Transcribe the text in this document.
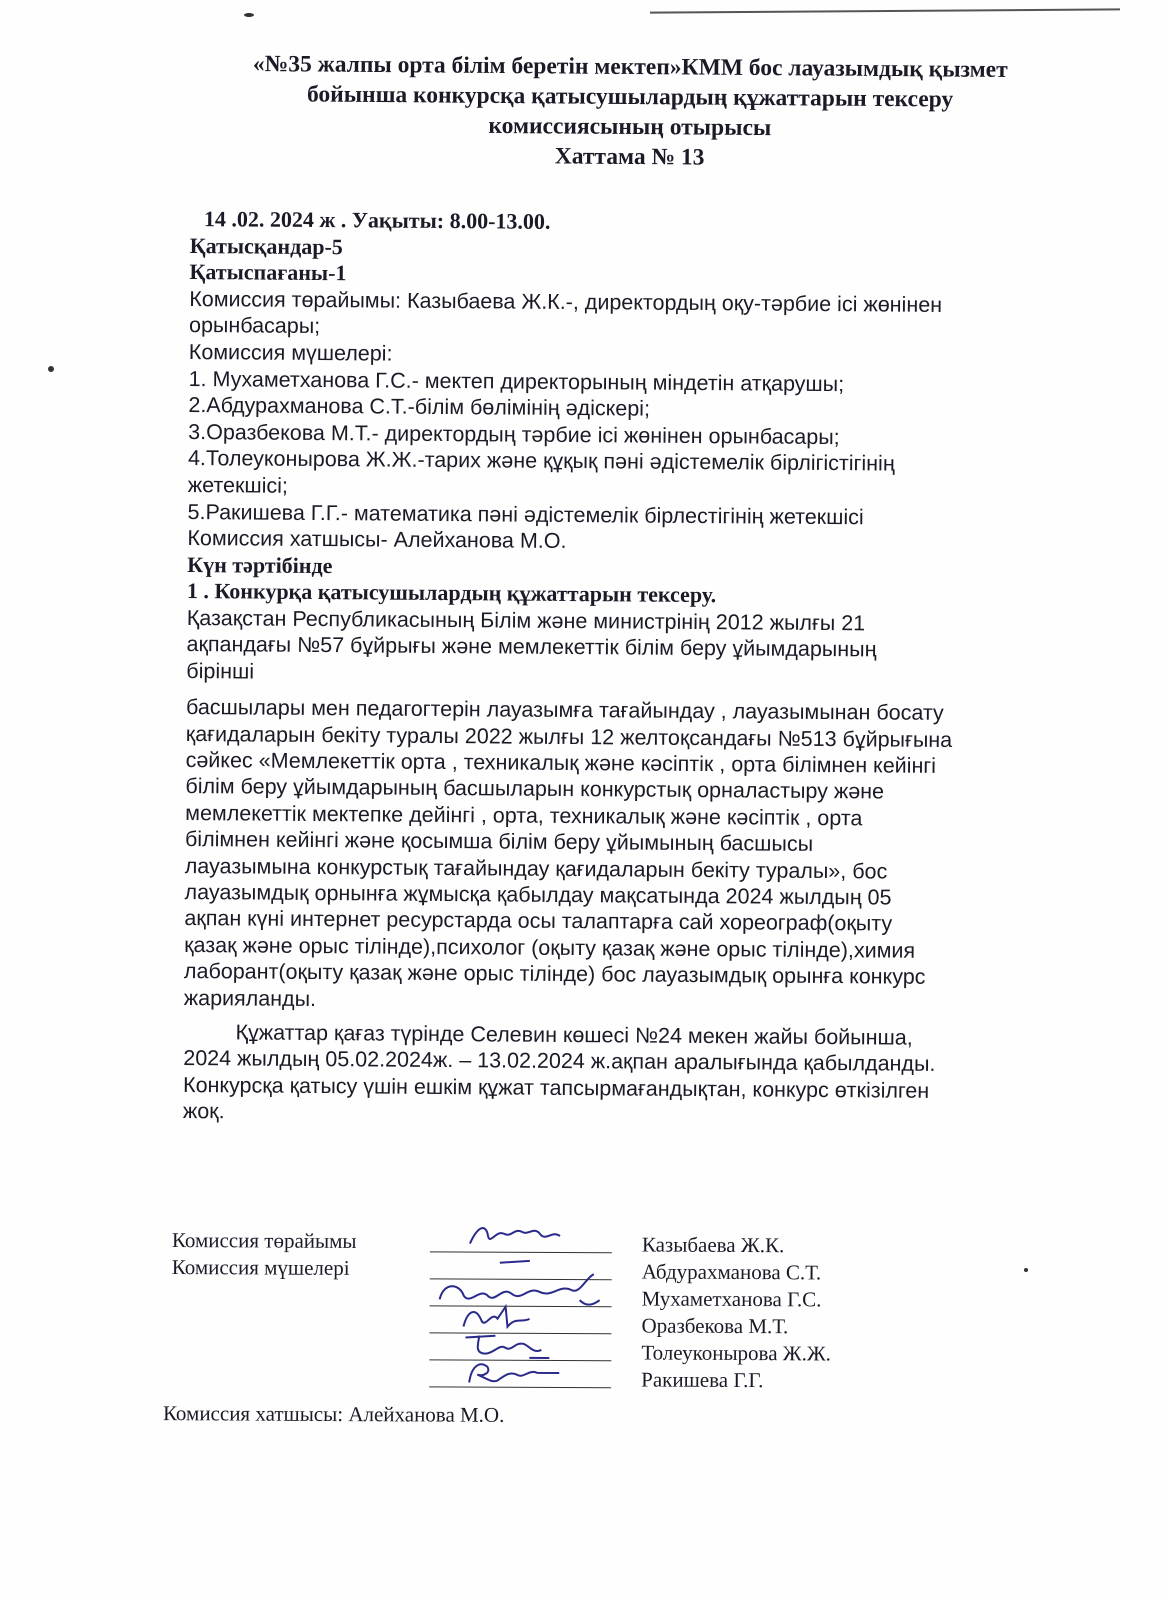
«№35 жалпы орта білім беретін мектеп»КММ бос лауазымдық қызмет
бойынша конкурсқа қатысушылардың құжаттарын тексеру
комиссиясының отырысы
Хаттама № 13
14 .02. 2024 ж . Уақыты: 8.00-13.00.
Қатысқандар-5
Қатыспағаны-1
Комиссия төрайымы: Казыбаева Ж.К.-, директордың оқу-тәрбие ісі жөнінен
орынбасары;
Комиссия мүшелері:
1. Мухаметханова Г.С.- мектеп директорының міндетін атқарушы;
2.Абдурахманова С.Т.-білім бөлімінің әдіскері;
3.Оразбекова М.Т.- директордың тәрбие ісі жөнінен орынбасары;
4.Толеуконырова Ж.Ж.-тарих және құқық пәні әдістемелік бірлігістігінің
жетекшісі;
5.Ракишева Г.Г.- математика пәні әдістемелік бірлестігінің жетекшісі
Комиссия хатшысы- Алейханова М.О.
Күн тәртібінде
1 . Конкурқа қатысушылардың құжаттарын тексеру.
Қазақстан Республикасының Білім және министрінің 2012 жылғы 21
ақпандағы №57 бұйрығы және мемлекеттік білім беру ұйымдарының
бірінші
басшылары мен педагогтерін лауазымға тағайындау , лауазымынан босату
қағидаларын бекіту туралы 2022 жылғы 12 желтоқсандағы №513 бұйрығына
сәйкес «Мемлекеттік орта , техникалық және кәсіптік , орта білімнен кейінгі
білім беру ұйымдарының басшыларын конкурстық орналастыру және
мемлекеттік мектепке дейінгі , орта, техникалық және кәсіптік , орта
білімнен кейінгі және қосымша білім беру ұйымының басшысы
лауазымына конкурстық тағайындау қағидаларын бекіту туралы», бос
лауазымдық орнынға жұмысқа қабылдау мақсатында 2024 жылдың 05
ақпан күні интернет ресурстарда осы талаптарға сай хореограф(оқыту
қазақ және орыс тілінде),психолог (оқыту қазақ және орыс тілінде),химия
лаборант(оқыту қазақ және орыс тілінде) бос лауазымдық орынға конкурс
жарияланды.
Құжаттар қағаз түрінде Селевин көшесі №24 мекен жайы бойынша,
2024 жылдың 05.02.2024ж. – 13.02.2024 ж.ақпан аралығында қабылданды.
Конкурсқа қатысу үшін ешкім құжат тапсырмағандықтан, конкурс өткізілген
жоқ.
Комиссия төрайымы	Казыбаева Ж.К.
Комиссия мүшелері	Абдурахманова С.Т.
Мухаметханова Г.С.
Оразбекова М.Т.
Толеуконырова Ж.Ж.
Ракишева Г.Г.
Комиссия хатшысы: Алейханова М.О.
